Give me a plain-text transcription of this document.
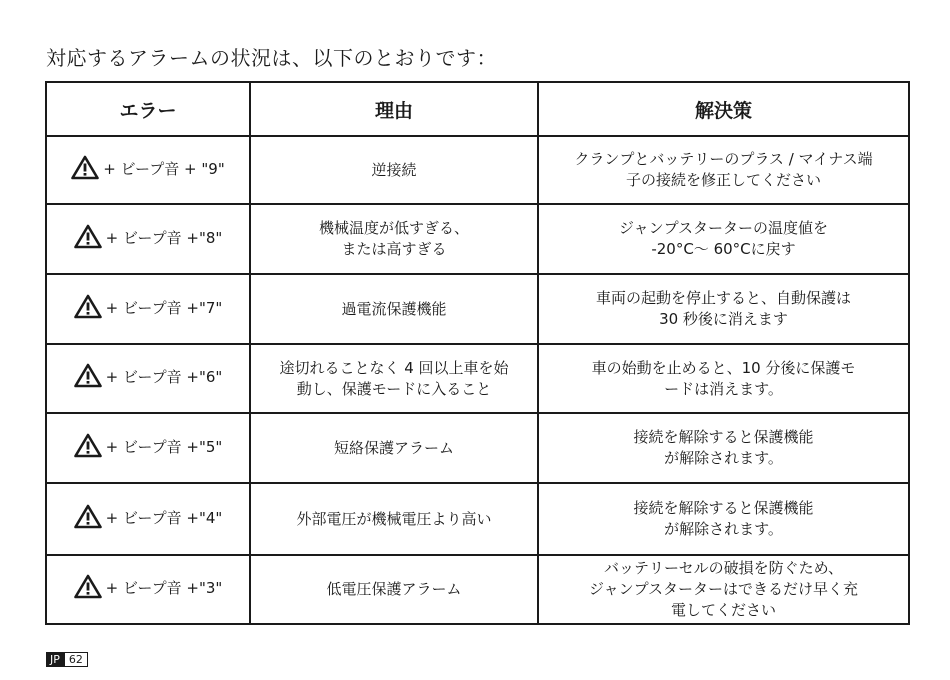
対応するアラームの状況は、以下のとおりです：
エラー	理由	解決策
+ ビープ音 + "9"	逆接続	クランプとバッテリーのプラス / マイナス端
子の接続を修正してください
+ ビープ音 +"8"	機械温度が低すぎる、
または高すぎる	ジャンプスターターの温度値を
-20°C～ 60°Cに戻す
+ ビープ音 +"7"	過電流保護機能	車両の起動を停止すると、自動保護は
30 秒後に消えます
+ ビープ音 +"6"	途切れることなく 4 回以上車を始
動し、保護モードに入ること	車の始動を止めると、10 分後に保護モ
ードは消えます。
+ ビープ音 +"5"	短絡保護アラーム	接続を解除すると保護機能
が解除されます。
+ ビープ音 +"4"	外部電圧が機械電圧より高い	接続を解除すると保護機能
が解除されます。
+ ビープ音 +"3"	低電圧保護アラーム	バッテリーセルの破損を防ぐため、
ジャンプスターターはできるだけ早く充
電してください
JP 62
